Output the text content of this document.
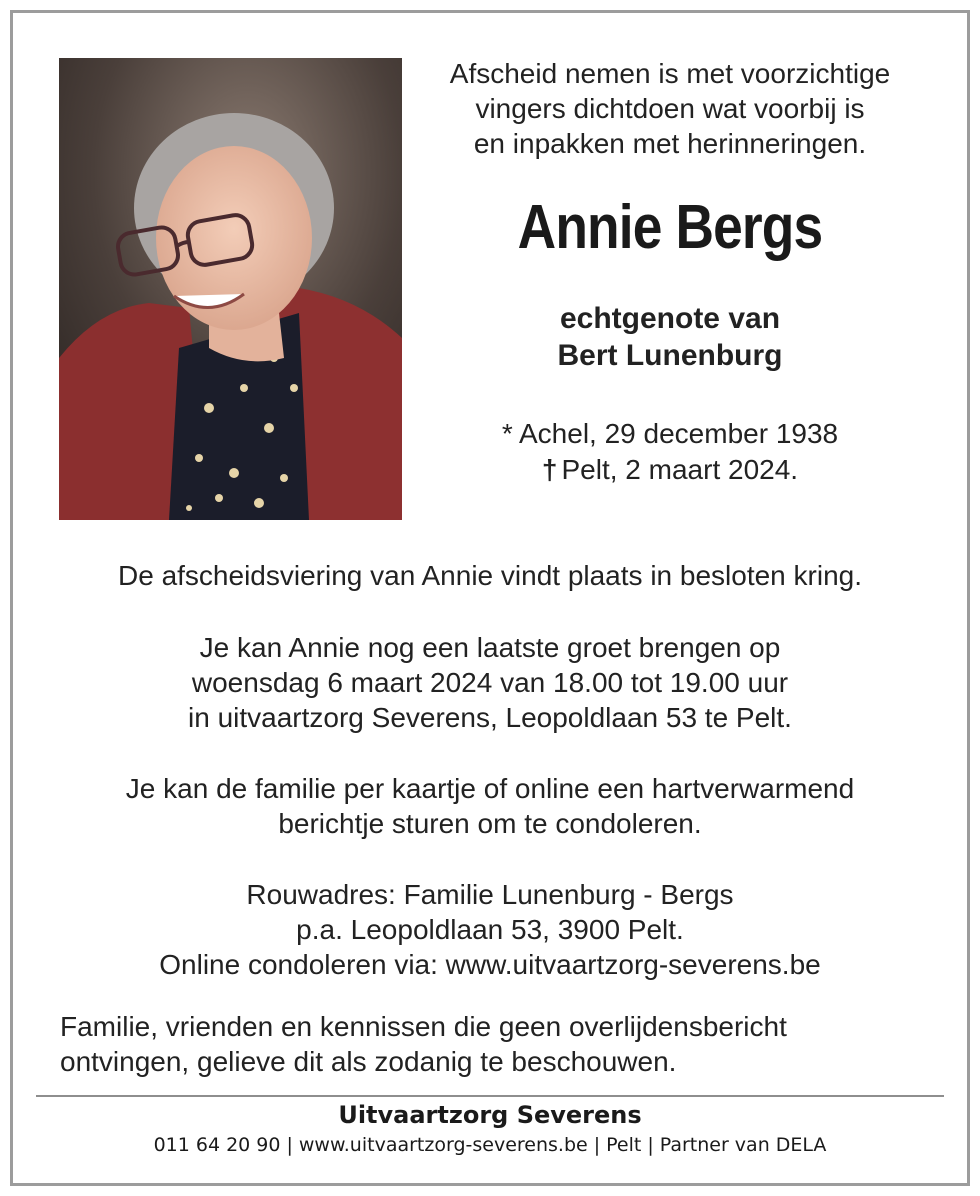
Afscheid nemen is met voorzichtige
vingers dichtdoen wat voorbij is
en inpakken met herinneringen.
Annie Bergs
echtgenote van
Bert Lunenburg
* Achel, 29 december 1938
† Pelt, 2 maart 2024.
De afscheidsviering van Annie vindt plaats in besloten kring.
Je kan Annie nog een laatste groet brengen op
woensdag 6 maart 2024 van 18.00 tot 19.00 uur
in uitvaartzorg Severens, Leopoldlaan 53 te Pelt.
Je kan de familie per kaartje of online een hartverwarmend
berichtje sturen om te condoleren.
Rouwadres: Familie Lunenburg - Bergs
p.a. Leopoldlaan 53, 3900 Pelt.
Online condoleren via: www.uitvaartzorg-severens.be
Familie, vrienden en kennissen die geen overlijdensbericht
ontvingen, gelieve dit als zodanig te beschouwen.
Uitvaartzorg Severens
011 64 20 90 | www.uitvaartzorg-severens.be | Pelt | Partner van DELA
